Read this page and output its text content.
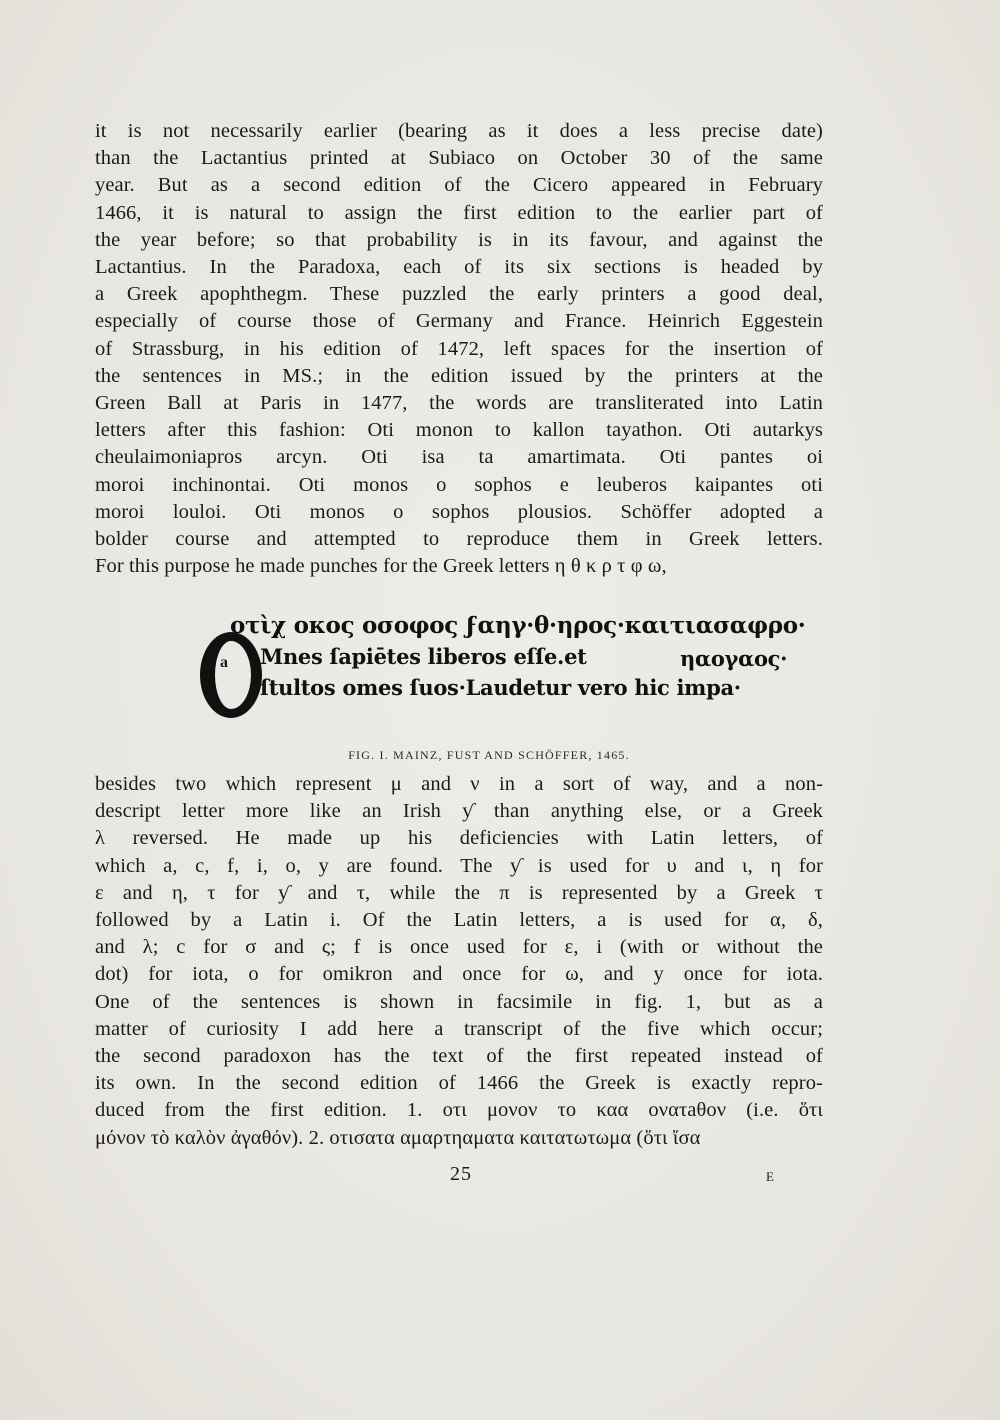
it is not necessarily earlier (bearing as it does a less precise date)
than the Lactantius printed at Subiaco on October 30 of the same
year. But as a second edition of the Cicero appeared in February
1466, it is natural to assign the first edition to the earlier part of
the year before; so that probability is in its favour, and against the
Lactantius. In the Paradoxa, each of its six sections is headed by
a Greek apophthegm. These puzzled the early printers a good deal,
especially of course those of Germany and France. Heinrich Eggestein
of Strassburg, in his edition of 1472, left spaces for the insertion of
the sentences in MS.; in the edition issued by the printers at the
Green Ball at Paris in 1477, the words are transliterated into Latin
letters after this fashion: Oti monon to kallon tayathon. Oti autarkys
cheulaimoniapros arcyn. Oti isa ta amartimata. Oti pantes oi
moroi inchinontai. Oti monos o sophos e leuberos kaipantes oti
moroi louloi. Oti monos o sophos plousios. Schöffer adopted a
bolder course and attempted to reproduce them in Greek letters.
For this purpose he made punches for the Greek letters η θ κ ρ τ φ ω,
a
οτὶχ οκος οσοφος ϝαηγ·θ·ηρος·καιτιασαφρο·
Mnes ſapiētes liberos eſſe.et	ηαογαος·
ſtultos omes ſuos·Laudetur vero hic impa·
FIG. I. MAINZ, FUST AND SCHÖFFER, 1465.
besides two which represent μ and ν in a sort of way, and a non-
descript letter more like an Irish ƴ than anything else, or a Greek
λ reversed. He made up his deficiencies with Latin letters, of
which a, c, f, i, o, y are found. The ƴ is used for υ and ι, η for
ε and η, τ for ƴ and τ, while the π is represented by a Greek τ
followed by a Latin i. Of the Latin letters, a is used for α, δ,
and λ; c for σ and ς; f is once used for ε, i (with or without the
dot) for iota, o for omikron and once for ω, and y once for iota.
One of the sentences is shown in facsimile in fig. 1, but as a
matter of curiosity I add here a transcript of the five which occur;
the second paradoxon has the text of the first repeated instead of
its own. In the second edition of 1466 the Greek is exactly repro-
duced from the first edition. 1. οτι μονον το καα ονατaθον (i.e. ὅτι
μόνον τὸ καλὸν ἀγαθόν). 2. οτισατα αμαρτηαματα καιτατωτωμα (ὅτι ἴσα
25	E
